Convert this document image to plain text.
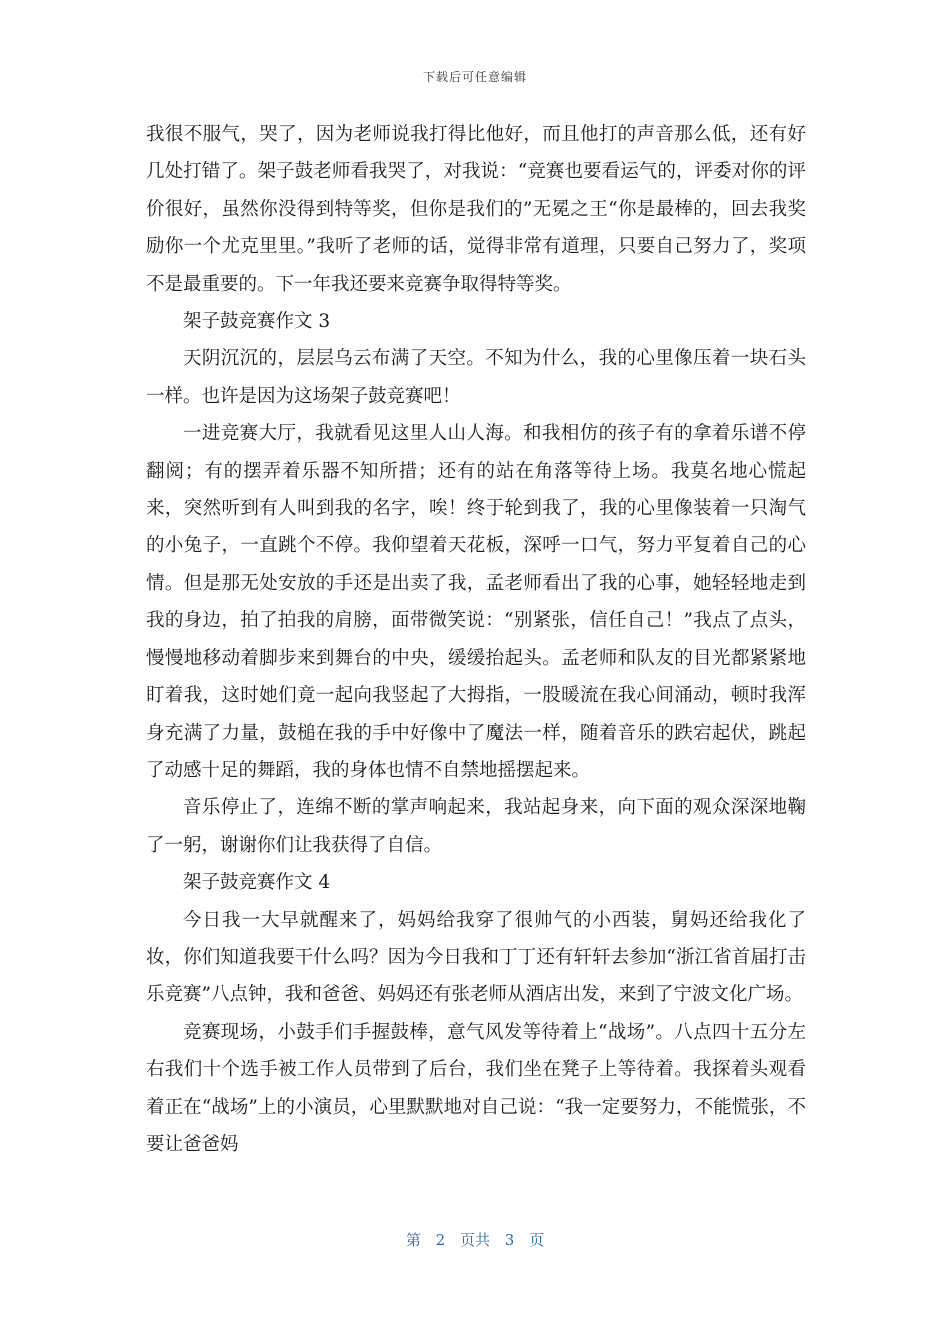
下载后可任意编辑

我很不服气，哭了，因为老师说我打得比他好，而且他打的声音那么低，还有好几处打错了。架子鼓老师看我哭了，对我说：“竞赛也要看运气的，评委对你的评价很好，虽然你没得到特等奖，但你是我们的”无冕之王“你是最棒的，回去我奖励你一个尤克里里。”我听了老师的话，觉得非常有道理，只要自己努力了，奖项不是最重要的。下一年我还要来竞赛争取得特等奖。

架子鼓竞赛作文 3

天阴沉沉的，层层乌云布满了天空。不知为什么，我的心里像压着一块石头一样。也许是因为这场架子鼓竞赛吧！

一进竞赛大厅，我就看见这里人山人海。和我相仿的孩子有的拿着乐谱不停翻阅；有的摆弄着乐器不知所措；还有的站在角落等待上场。我莫名地心慌起来，突然听到有人叫到我的名字，唉！终于轮到我了，我的心里像装着一只淘气的小兔子，一直跳个不停。我仰望着天花板，深呼一口气，努力平复着自己的心情。但是那无处安放的手还是出卖了我，孟老师看出了我的心事，她轻轻地走到我的身边，拍了拍我的肩膀，面带微笑说：“别紧张，信任自己！”我点了点头，慢慢地移动着脚步来到舞台的中央，缓缓抬起头。孟老师和队友的目光都紧紧地盯着我，这时她们竟一起向我竖起了大拇指，一股暖流在我心间涌动，顿时我浑身充满了力量，鼓槌在我的手中好像中了魔法一样，随着音乐的跌宕起伏，跳起了动感十足的舞蹈，我的身体也情不自禁地摇摆起来。

音乐停止了，连绵不断的掌声响起来，我站起身来，向下面的观众深深地鞠了一躬，谢谢你们让我获得了自信。

架子鼓竞赛作文 4

今日我一大早就醒来了，妈妈给我穿了很帅气的小西装，舅妈还给我化了妆，你们知道我要干什么吗？因为今日我和丁丁还有轩轩去参加“浙江省首届打击乐竞赛”八点钟，我和爸爸、妈妈还有张老师从酒店出发，来到了宁波文化广场。

竞赛现场，小鼓手们手握鼓棒，意气风发等待着上“战场”。八点四十五分左右我们十个选手被工作人员带到了后台，我们坐在凳子上等待着。我探着头观看着正在“战场”上的小演员，心里默默地对自己说：“我一定要努力，不能慌张，不要让爸爸妈

第 2 页共 3 页
